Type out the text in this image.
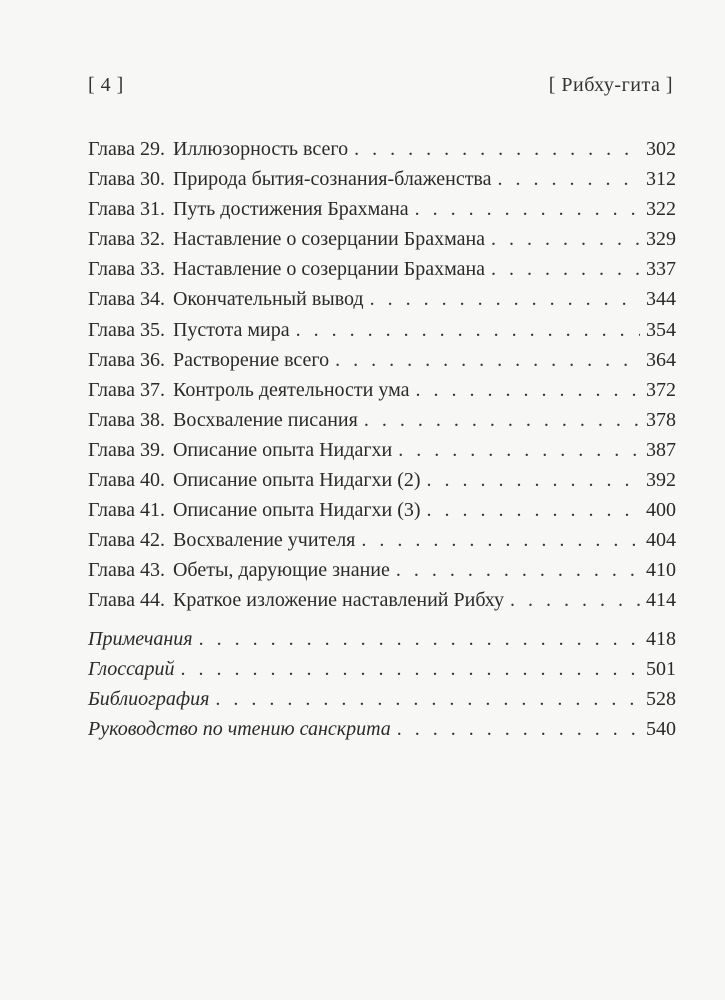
[ 4 ]	[ Рибху-гита ]
Глава 29. Иллюзорность всего . . .	302
Глава 30. Природа бытия-сознания-блаженства . . .	312
Глава 31. Путь достижения Брахмана . . .	322
Глава 32. Наставление о созерцании Брахмана . . .	329
Глава 33. Наставление о созерцании Брахмана . . .	337
Глава 34. Окончательный вывод . . .	344
Глава 35. Пустота мира . . .	354
Глава 36. Растворение всего . . .	364
Глава 37. Контроль деятельности ума . . .	372
Глава 38. Восхваление писания . . .	378
Глава 39. Описание опыта Нидагхи . . .	387
Глава 40. Описание опыта Нидагхи (2) . . .	392
Глава 41. Описание опыта Нидагхи (3) . . .	400
Глава 42. Восхваление учителя . . .	404
Глава 43. Обеты, дарующие знание . . .	410
Глава 44. Краткое изложение наставлений Рибху . . .	414
Примечания . . .	418
Глоссарий . . .	501
Библиография . . .	528
Руководство по чтению санскрита . . .	540
